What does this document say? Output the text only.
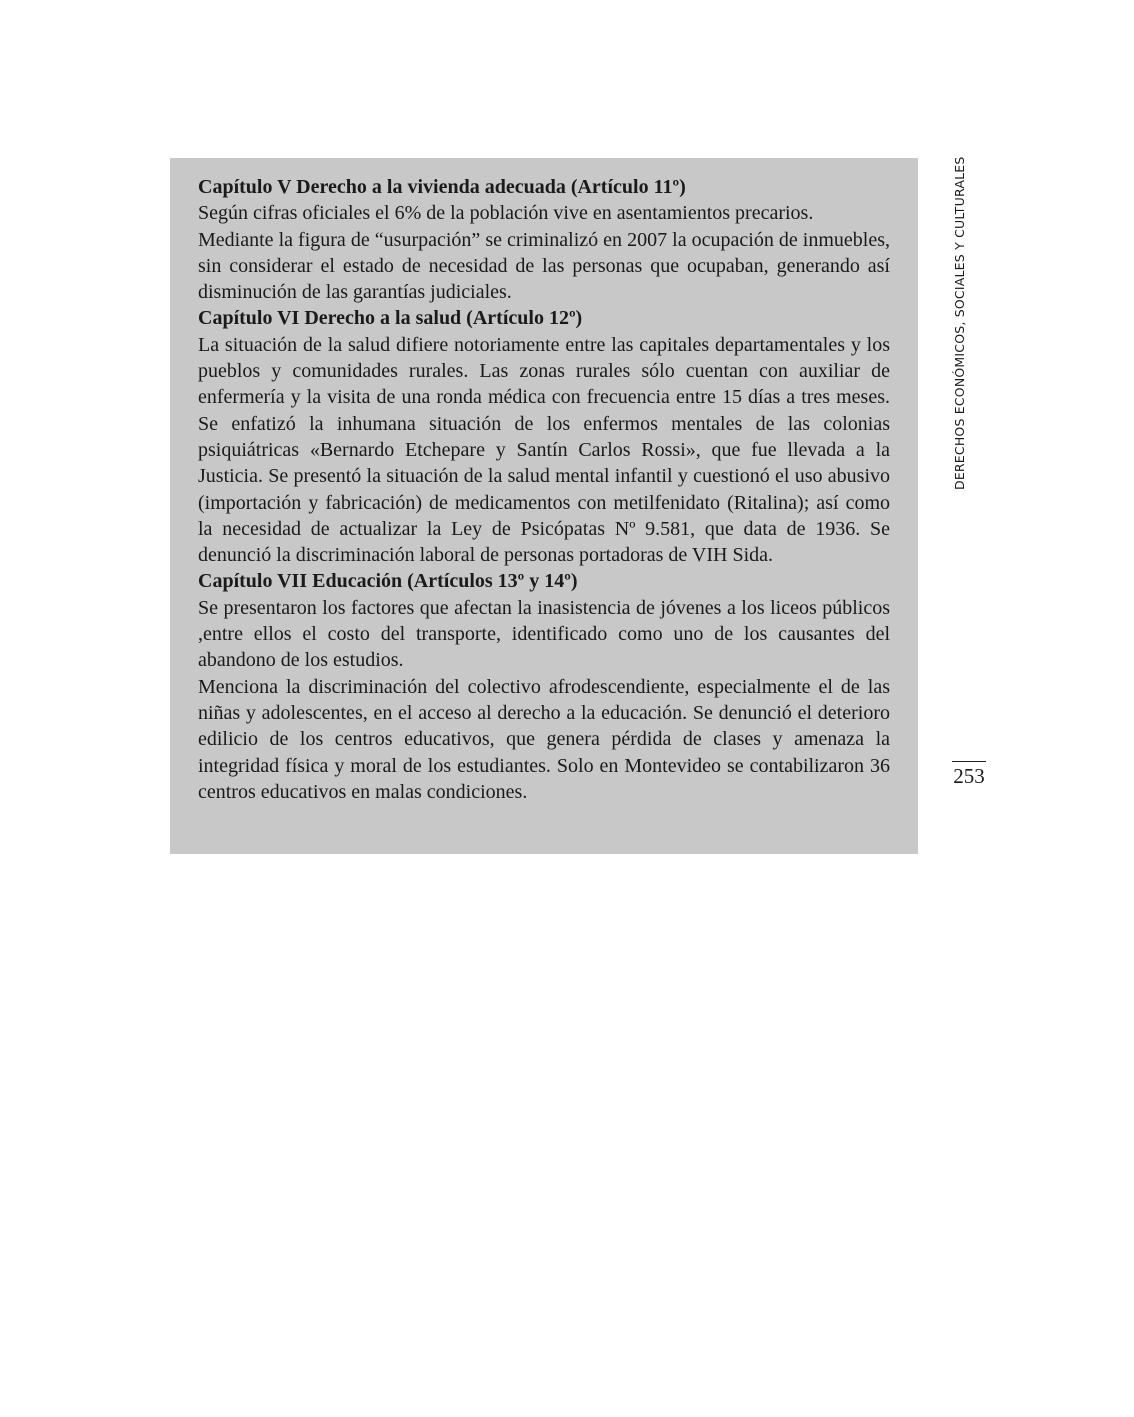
Capítulo V Derecho a la vivienda adecuada (Artículo 11º)

Según cifras oficiales el 6% de la población vive en asentamientos precarios.

Mediante la figura de “usurpación” se criminalizó en 2007 la ocupación de inmuebles, sin considerar el estado de necesidad de las personas que ocupaban, generando así disminución de las garantías judiciales.

Capítulo VI Derecho a la salud (Artículo 12º)

La situación de la salud difiere notoriamente entre las capitales departamentales y los pueblos y comunidades rurales. Las zonas rurales sólo cuentan con auxiliar de enfermería y la visita de una ronda médica con frecuencia entre 15 días a tres meses. Se enfatizó la inhumana situación de los enfermos mentales de las colonias psiquiátricas «Bernardo Etchepare y Santín Carlos Rossi», que fue llevada a la Justicia. Se presentó la situación de la salud mental infantil y cuestionó el uso abusivo (importación y fabricación) de medicamentos con metilfenidato (Ritalina); así como la necesidad de actualizar la Ley de Psicópatas Nº 9.581, que data de 1936. Se denunció la discriminación laboral de personas portadoras de VIH Sida.

Capítulo VII Educación (Artículos 13º y 14º)

Se presentaron los factores que afectan la inasistencia de jóvenes a los liceos públicos ,entre ellos el costo del transporte, identificado como uno de los causantes del abandono de los estudios.

Menciona la discriminación del colectivo afrodescendiente, especialmente el de las niñas y adolescentes, en el acceso al derecho a la educación. Se denunció el deterioro edilicio de los centros educativos, que genera pérdida de clases y amenaza la integridad física y moral de los estudiantes. Solo en Montevideo se contabilizaron 36 centros educativos en malas condiciones.

DERECHOS ECONÓMICOS, SOCIALES Y CULTURALES
253
